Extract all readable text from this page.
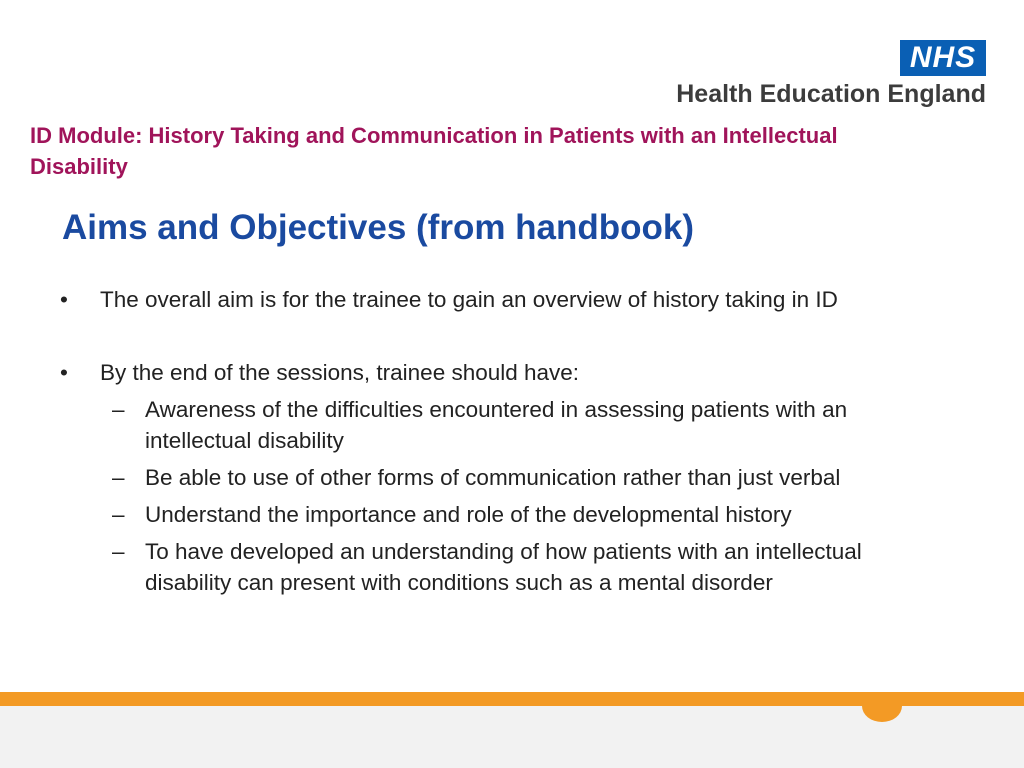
NHS
Health Education England
ID Module: History Taking and Communication in Patients with an Intellectual Disability
Aims and Objectives (from handbook)
• The overall aim is for the trainee to gain an overview of history taking in ID
• By the end of the sessions, trainee should have:
– Awareness of the difficulties encountered in assessing patients with an intellectual disability
– Be able to use of other forms of communication rather than just verbal
– Understand the importance and role of the developmental history
– To have developed an understanding of how patients with an intellectual disability can present with conditions such as a mental disorder
